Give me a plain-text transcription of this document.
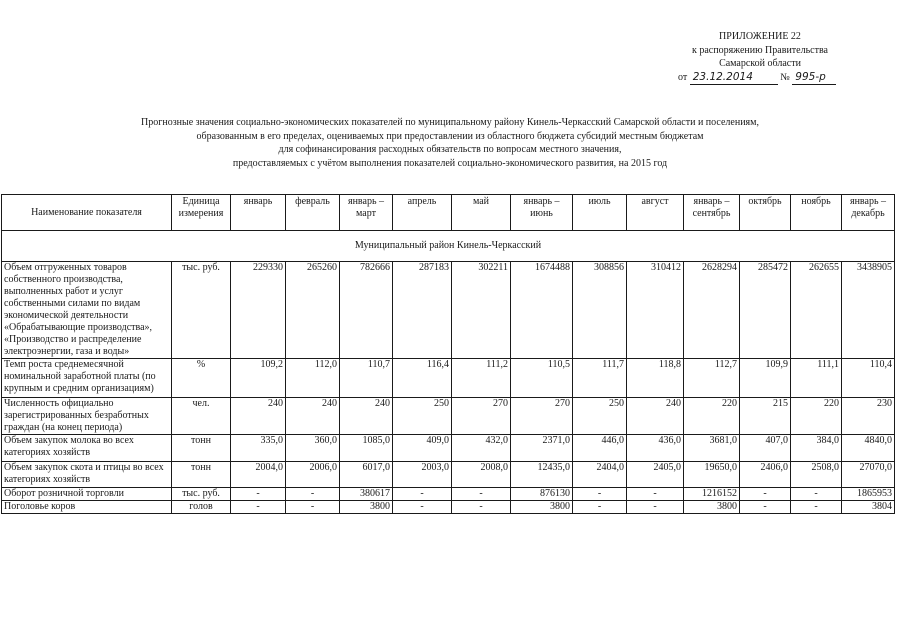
ПРИЛОЖЕНИЕ 22
к распоряжению Правительства
Самарской области
от 23.12.2014	№ 995-р
Прогнозные значения социально-экономических показателей по муниципальному району Кинель-Черкасский Самарской области и поселениям,
образованным в его пределах, оцениваемых при предоставлении из областного бюджета субсидий местным бюджетам
для софинансирования расходных обязательств по вопросам местного значения,
предоставляемых с учётом выполнения показателей социально-экономического развития, на 2015 год
Наименование показателя	Единица измерения	январь	февраль	январь – март	апрель	май	январь – июнь	июль	август	январь – сентябрь	октябрь	ноябрь	январь – декабрь
Муниципальный район Кинель-Черкасский													
Объем отгруженных товаров собственного производства, выполненных работ и услуг собственными силами по видам экономической деятельности «Обрабатывающие производства», «Производство и распределение электроэнергии, газа и воды»	тыс. руб.	229330	265260	782666	287183	302211	1674488	308856	310412	2628294	285472	262655	3438905
Темп роста среднемесячной номинальной заработной платы (по крупным и средним организациям)	%	109,2	112,0	110,7	116,4	111,2	110,5	111,7	118,8	112,7	109,9	111,1	110,4
Численность официально зарегистрированных безработных граждан (на конец периода)	чел.	240	240	240	250	270	270	250	240	220	215	220	230
Объем закупок молока во всех категориях хозяйств	тонн	335,0	360,0	1085,0	409,0	432,0	2371,0	446,0	436,0	3681,0	407,0	384,0	4840,0
Объем закупок скота и птицы во всех категориях хозяйств	тонн	2004,0	2006,0	6017,0	2003,0	2008,0	12435,0	2404,0	2405,0	19650,0	2406,0	2508,0	27070,0
Оборот розничной торговли	тыс. руб.	-	-	380617	-	-	876130	-	-	1216152	-	-	1865953
Поголовье коров	голов	-	-	3800	-	-	3800	-	-	3800	-	-	3804
